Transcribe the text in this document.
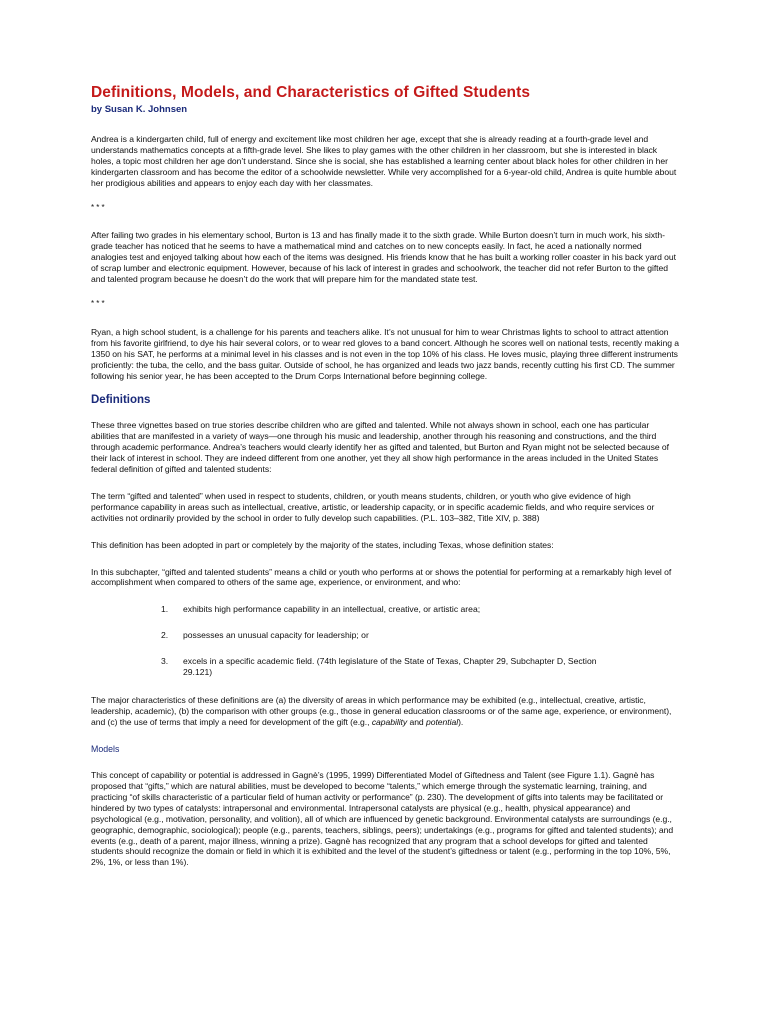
Definitions, Models, and Characteristics of Gifted Students
by Susan K. Johnsen

Andrea is a kindergarten child, full of energy and excitement like most children her age, except that she is already reading at a fourth-grade level and understands mathematics concepts at a fifth-grade level. She likes to play games with the other children in her classroom, but she is interested in black holes, a topic most children her age don’t understand. Since she is social, she has established a learning center about black holes for other children in her kindergarten classroom and has become the editor of a schoolwide newsletter. While very accomplished for a 6-year-old child, Andrea is quite humble about her prodigious abilities and appears to enjoy each day with her classmates.

* * *

After failing two grades in his elementary school, Burton is 13 and has finally made it to the sixth grade. While Burton doesn’t turn in much work, his sixth-grade teacher has noticed that he seems to have a mathematical mind and catches on to new concepts easily. In fact, he aced a nationally normed analogies test and enjoyed talking about how each of the items was designed. His friends know that he has built a working roller coaster in his back yard out of scrap lumber and electronic equipment. However, because of his lack of interest in grades and schoolwork, the teacher did not refer Burton to the gifted and talented program because he doesn’t do the work that will prepare him for the mandated state test.

* * *

Ryan, a high school student, is a challenge for his parents and teachers alike. It’s not unusual for him to wear Christmas lights to school to attract attention from his favorite girlfriend, to dye his hair several colors, or to wear red gloves to a band concert. Although he scores well on national tests, recently making a 1350 on his SAT, he performs at a minimal level in his classes and is not even in the top 10% of his class. He loves music, playing three different instruments proficiently: the tuba, the cello, and the bass guitar. Outside of school, he has organized and leads two jazz bands, recently cutting his first CD. The summer following his senior year, he has been accepted to the Drum Corps International before beginning college.

Definitions

These three vignettes based on true stories describe children who are gifted and talented. While not always shown in school, each one has particular abilities that are manifested in a variety of ways—one through his music and leadership, another through his reasoning and constructions, and the third through academic performance. Andrea’s teachers would clearly identify her as gifted and talented, but Burton and Ryan might not be selected because of their lack of interest in school. They are indeed different from one another, yet they all show high performance in the areas included in the United States federal definition of gifted and talented students:

The term “gifted and talented” when used in respect to students, children, or youth means students, children, or youth who give evidence of high performance capability in areas such as intellectual, creative, artistic, or leadership capacity, or in specific academic fields, and who require services or activities not ordinarily provided by the school in order to fully develop such capabilities. (P.L. 103–382, Title XIV, p. 388)

This definition has been adopted in part or completely by the majority of the states, including Texas, whose definition states:

In this subchapter, “gifted and talented students” means a child or youth who performs at or shows the potential for performing at a remarkably high level of accomplishment when compared to others of the same age, experience, or environment, and who:

1.	exhibits high performance capability in an intellectual, creative, or artistic area;
2.	possesses an unusual capacity for leadership; or
3.	excels in a specific academic field. (74th legislature of the State of Texas, Chapter 29, Subchapter D, Section 29.121)

The major characteristics of these definitions are (a) the diversity of areas in which performance may be exhibited (e.g., intellectual, creative, artistic, leadership, academic), (b) the comparison with other groups (e.g., those in general education classrooms or of the same age, experience, or environment), and (c) the use of terms that imply a need for development of the gift (e.g., capability and potential).

Models

This concept of capability or potential is addressed in Gagnè’s (1995, 1999) Differentiated Model of Giftedness and Talent (see Figure 1.1). Gagnè has proposed that “gifts,” which are natural abilities, must be developed to become “talents,” which emerge through the systematic learning, training, and practicing “of skills characteristic of a particular field of human activity or performance” (p. 230). The development of gifts into talents may be facilitated or hindered by two types of catalysts: intrapersonal and environmental. Intrapersonal catalysts are physical (e.g., health, physical appearance) and psychological (e.g., motivation, personality, and volition), all of which are influenced by genetic background. Environmental catalysts are surroundings (e.g., geographic, demographic, sociological); people (e.g., parents, teachers, siblings, peers); undertakings (e.g., programs for gifted and talented students); and events (e.g., death of a parent, major illness, winning a prize). Gagnè has recognized that any program that a school develops for gifted and talented students should recognize the domain or field in which it is exhibited and the level of the student’s giftedness or talent (e.g., performing in the top 10%, 5%, 2%, 1%, or less than 1%).
